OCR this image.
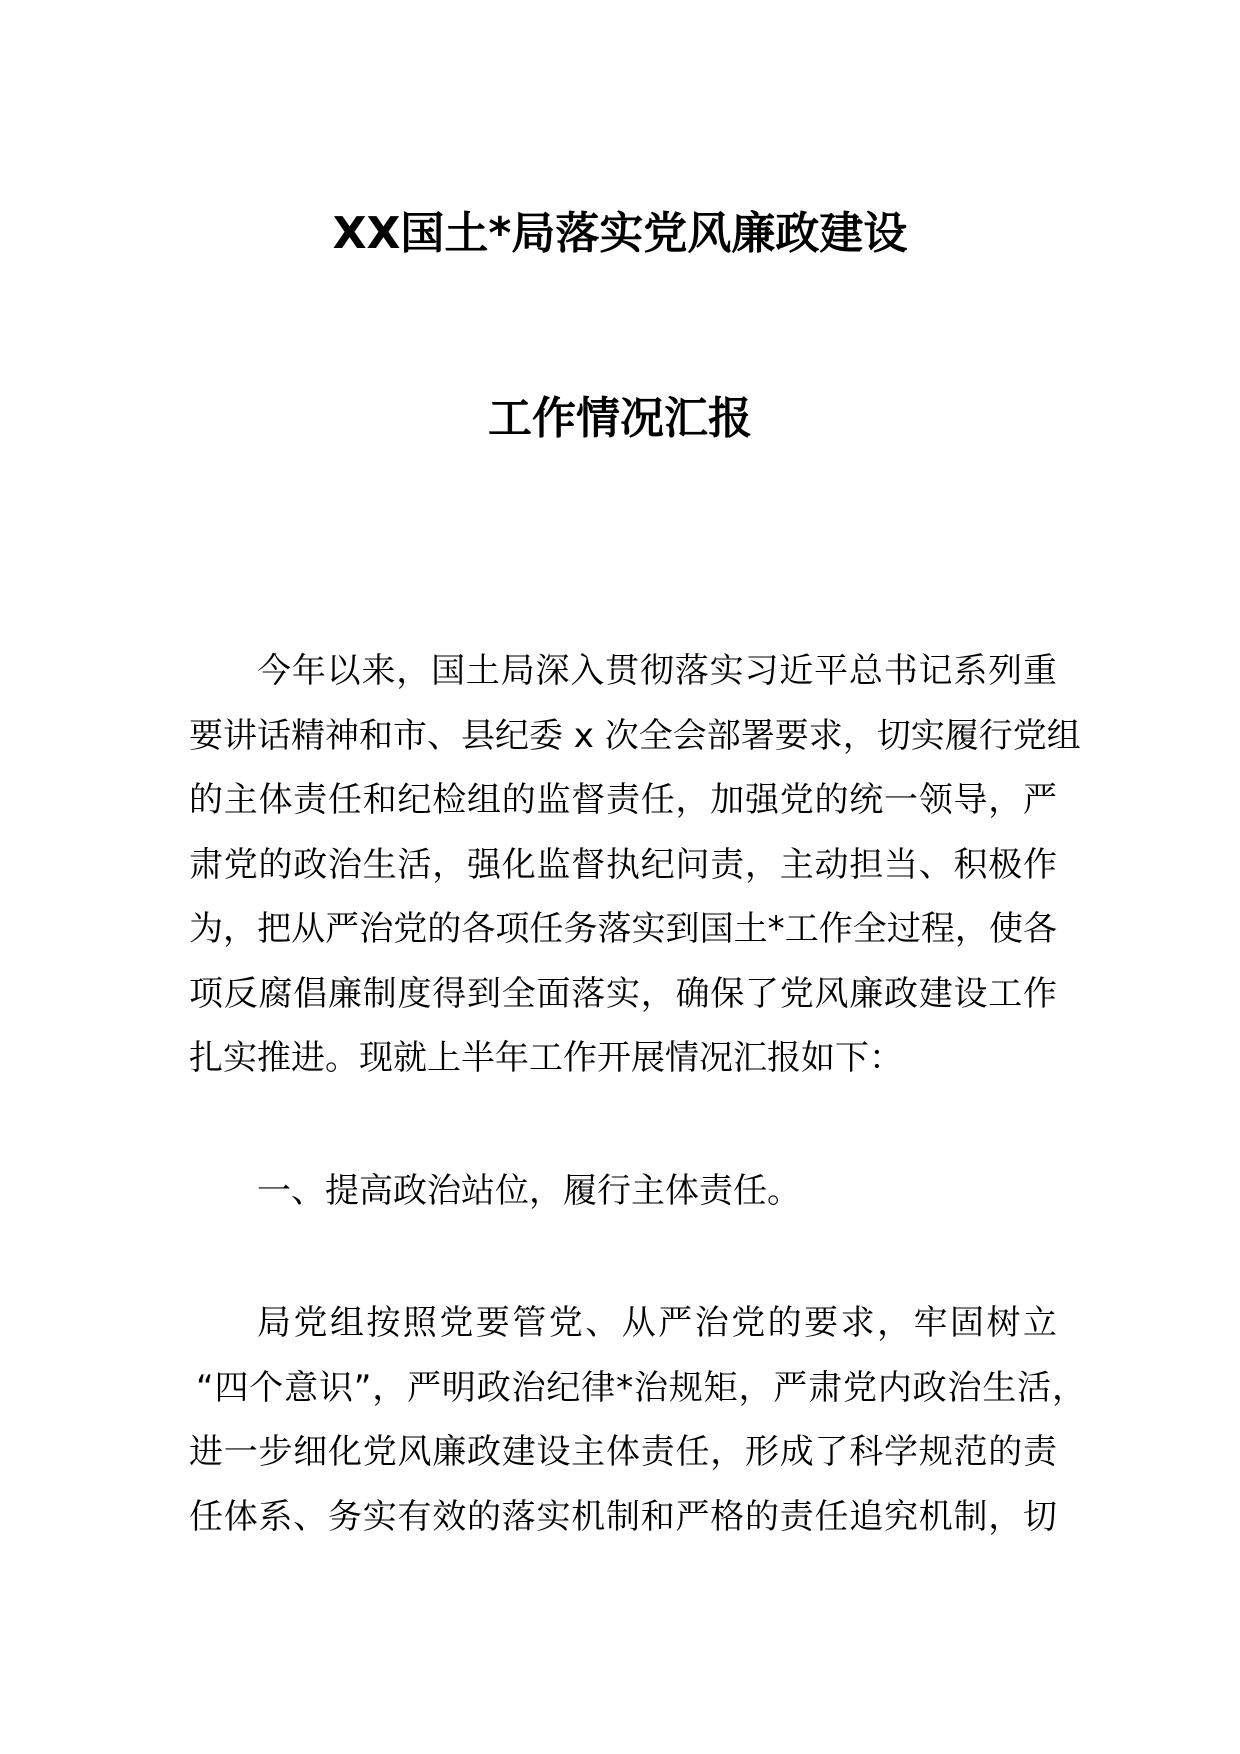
XX国土*局落实党风廉政建设
工作情况汇报
今年以来，国土局深入贯彻落实习近平总书记系列重
要讲话精神和市、县纪委 x 次全会部署要求，切实履行党组
的主体责任和纪检组的监督责任，加强党的统一领导，严
肃党的政治生活，强化监督执纪问责，主动担当、积极作
为，把从严治党的各项任务落实到国土*工作全过程，使各
项反腐倡廉制度得到全面落实，确保了党风廉政建设工作
扎实推进。现就上半年工作开展情况汇报如下：
一、提高政治站位，履行主体责任。
局党组按照党要管党、从严治党的要求，牢固树立
“四个意识”，严明政治纪律*治规矩，严肃党内政治生活，
进一步细化党风廉政建设主体责任，形成了科学规范的责
任体系、务实有效的落实机制和严格的责任追究机制，切
